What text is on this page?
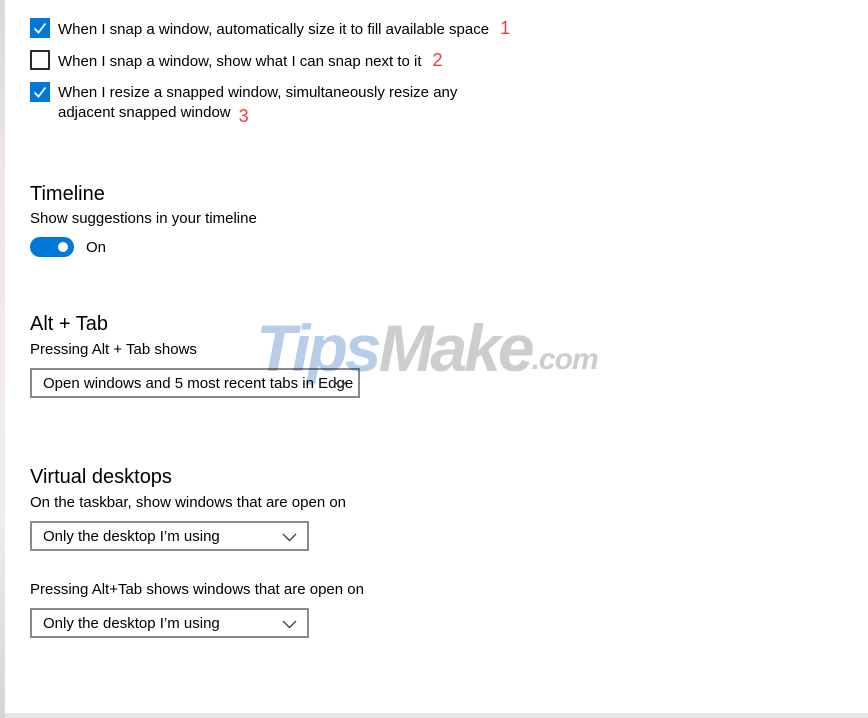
When I snap a window, automatically size it to fill available space 1
When I snap a window, show what I can snap next to it 2
When I resize a snapped window, simultaneously resize any
adjacent snapped window 3
Timeline
Show suggestions in your timeline
On
Alt + Tab
Pressing Alt + Tab shows
Open windows and 5 most recent tabs in Edge
Virtual desktops
On the taskbar, show windows that are open on
Only the desktop I’m using
Pressing Alt+Tab shows windows that are open on
Only the desktop I’m using
TipsMake.com
